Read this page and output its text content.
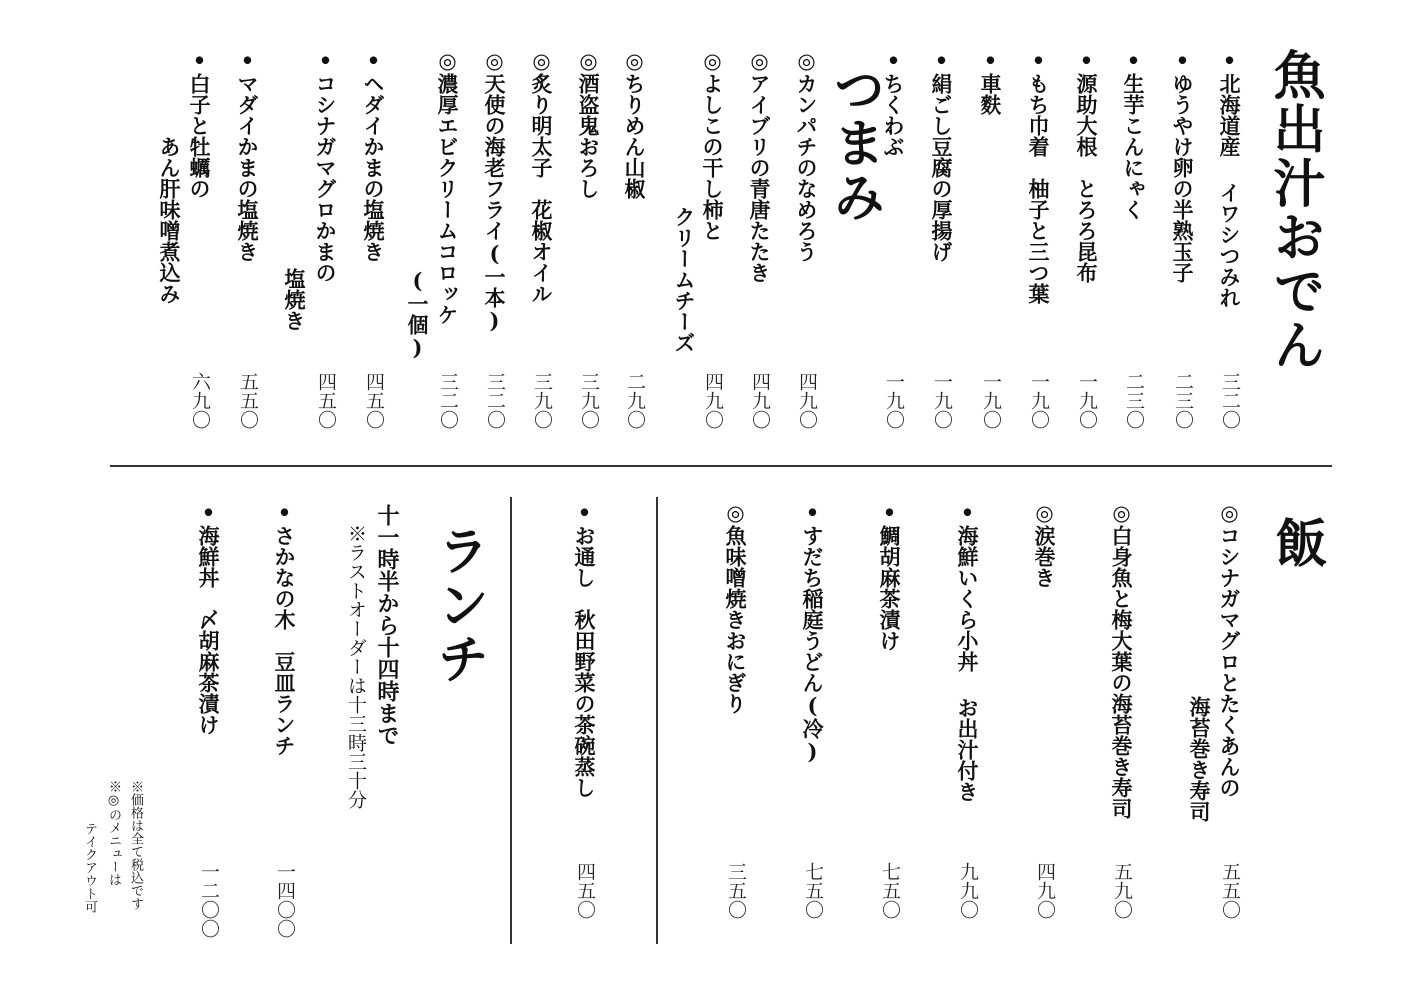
魚出汁おでん
•北海道産 イワシつみれ
三二〇
•ゆうやけ卵の半熟玉子
二三〇
•生芋こんにゃく
二三〇
•源助大根　とろろ昆布
一九〇
•もち巾着　柚子と三つ葉
一九〇
•車麩
一九〇
•絹ごし豆腐の厚揚げ
一九〇
•ちくわぶ
一九〇
つまみ
◎カンパチのなめろう
四九〇
◎アイブリの青唐たたき
四九〇
◎よしこの干し柿と
クリームチーズ
四九〇
◎ちりめん山椒
二九〇
◎酒盗鬼おろし
三九〇
◎炙り明太子　花椒オイル
三九〇
◎天使の海老フライ(一本)
三二〇
◎濃厚エビクリームコロッケ
(一個)
三二〇
•ヘダイかまの塩焼き
四五〇
•コシナガマグロかまの
塩焼き
四五〇
•マダイかまの塩焼き
五五〇
•白子と牡蠣の
あん肝味噌煮込み
六九〇
飯
◎コシナガマグロとたくあんの
海苔巻き寿司
五五〇
◎白身魚と梅大葉の海苔巻き寿司
五九〇
◎涙巻き
四九〇
•海鮮いくら小丼 お出汁付き
九九〇
•鯛胡麻茶漬け
七五〇
•すだち稲庭うどん(冷)
七五〇
◎魚味噌焼きおにぎり
三五〇
•お通し　秋田野菜の茶碗蒸し
四五〇
ランチ
十一時半から十四時まで
※ラストオーダーは十三時三十分
•さかなの木　豆皿ランチ
一四〇〇
•海鮮丼　〆胡麻茶漬け
一二〇〇
※価格は全て税込です
※◎のメニューは
テイクアウト可
